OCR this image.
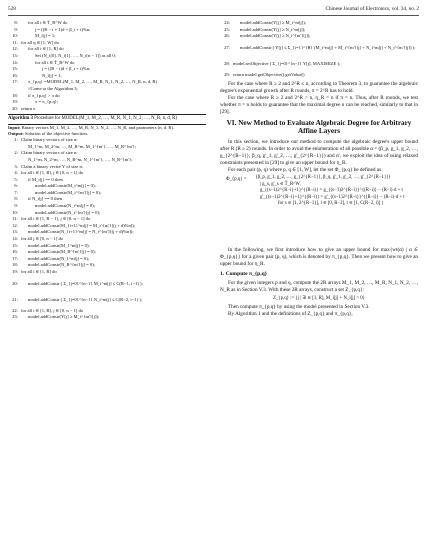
528	Chinese Journal of Electronics, vol. 34, no. 2
8: for all t ∈ T̄_R^W do
9:	j = ((R − i + 1)d + β_t + t)%n;
10:	M_i[j] = 1;
11: for all q ∈ [1, W] do
12: for all i ∈ [1, R] do
13:	Set (N_i[0], N_i[1], …, N_i[n − 1]) as all 0;
14:	for all t ∈ T̄_R^W do
15:	j = ((R − i)d + β_t + t)%n;
16:	N_i[j] = 1;
17: π_{p,q} =MODEL(M_1, M_2, …, M_R, N_1, N_2, …, N_R, n, d, R)
//Come to the Algorithm 3;
18: if π_{p,q} > π do
19:	π = π_{p,q};
20: return π
Algorithm 3 Procedure for MODEL(M_1, M_2, …, M_R, N_1, N_2, …, N_R, n, d, R)
Input: Binary vectors M_1, M_2, …, M_R, N_1, N_2, …, N_R, and parameters (n, d, R).
Output: Solution of the objective function.
1: Claim binary vectors of size n:
M_1^m, M_2^m, …, M_R^m, M_1^{m'}, …, M_R^{m'};
2: Claim binary vectors of size n:
N_1^m, N_2^m, …, N_R^m, N_1^{m'}, …, N_R^{m'};
3: Claim a binary vector Y of size n;
4: for all i ∈ [1, R], j ∈ [0, n − 1] do
5: if M_i[j] == 0 then
6:	model.addConstr(M_i^m[j] = 0);
7:	model.addConstr(M_i^{m'}[j] = 0);
8: if N_i[j] == 0 then
9:	model.addConstr(N_i^m[j] = 0);
10:	model.addConstr(N_i^{m'}[j] = 0);
11: for all i ∈ [1, R − 1], j ∈ [0, n − 1] do
12: model.addConstr(M_{i+1}^m[j] = M_i^{m'}[(j + d)%n]);
13: model.addConstr(N_{i+1}^m[j] = N_i^{m'}[(j + d)%n]);
14: for all j ∈ [0, n − 1] do
15: model.addConstr(M_1^m[j] = 0);
16: model.addConstr(M_R^{m'}[j] = 0);
17: model.addConstr(N_1^m[j] = 0);
18: model.addConstr(N_R^{m'}[j] = 0);
19: for all i ∈ [1, R] do
20: model.addConstr ( Σ_{j=0}^{n−1} M_i^m[j] ≤ C(R−1, i−1) );
21: model.addConstr ( Σ_{j=0}^{n−1} N_i^m[j] ≤ C(R−2, i−1) );
22: for all i ∈ [1, R], j ∈ [0, n − 1] do
23: model.addConstr(Y[j] ≥ M_i^{m'}[j]);
24: model.addConstr(Y[j] ≥ M_i^m[j]);
25: model.addConstr(Y[j] ≥ N_i^m[j]);
26: model.addConstr(Y[j] ≥ N_i^{m'}[j]);
27: model.addConstr ( Y[j] ≤ Σ_{i=1}^{R} (M_i^m[j] + M_i^{m'}[j] + N_i^m[j] + N_i^{m'}[j]) );
28: model.setObjective ( Σ_{j=0}^{n−1} Y[j], MAXIMIZE );
29: return model.getObjective().getValue()

For the case where R ≥ 2 and 2^R ≤ n, according to Theorem 3, to guarantee the algebraic degree's exponential growth after R rounds, π = 2^R has to hold.

For the case where R ≥ 2 and 2^R > n, η_R = n if π = n. Thus, after R rounds, we test whether π = n holds to guarantee that the maximal degree n can be reached, similarly to that in [29].

VI. New Method to Evaluate Algebraic Degree for Arbitrary Affine Layers

In this section, we introduce our method to compute the algebraic degree's upper bound after R (R ≥ 2) rounds. In order to avoid the enumeration of all possible α = (β_p, g_1, g_2, …, g_{2^{R−1}}, β_q, g'_1, g'_2, …, g'_{2^{R−1}}) and α', we exploit the idea of using relaxed constraints presented in [29] to give an upper bound for η_R.

For each pair (p, q) where p, q ∈ [1, W], let the set Φ_{p,q} be defined as

Φ_{p,q} = (β_p, g_1, g_2, …, g_{2^{R−1}}, β_q, g'_1, g'_2, …, g'_{2^{R−1}})
| g_s, g'_s ∈ T̄_R^W,
g_{(s−1)2^{R−i}+1}^{(R−i)} = g_{(s−1)2^{R−i}}^{(R−i)} − (R−i)·d + t
g'_{(s−1)2^{R−i}+1}^{(R−i)} = g'_{(s−1)2^{R−i}}^{(R−i)} − (R−i)·d + t
for s ∈ [1, 2^{R−1}], i ∈ [0, R−2], t ∈ [1, C(R−2, i)] }

In the following, we first introduce how to give an upper bound for max{wt(α) | α ∈ Φ_{p,q}} for a given pair (p, q), which is denoted by π_{p,q}. Then we present how to give an upper bound for η_R.

1. Compute π_{p,q}

For the given integers p and q, compute the 2R arrays M_1, M_2, …, M_R, N_1, N_2, …, N_R as in Section V.3. With these 2R arrays, construct a set Z_{p,q}:

Z_{p,q} := {j | ∃i ∈ [1, R], M_i[j] + N_i[j] > 0}

Then compute π_{p,q} by using the model presented in Section V.3.

By Algorithm 1 and the definitions of Z_{p,q} and π_{p,q},
